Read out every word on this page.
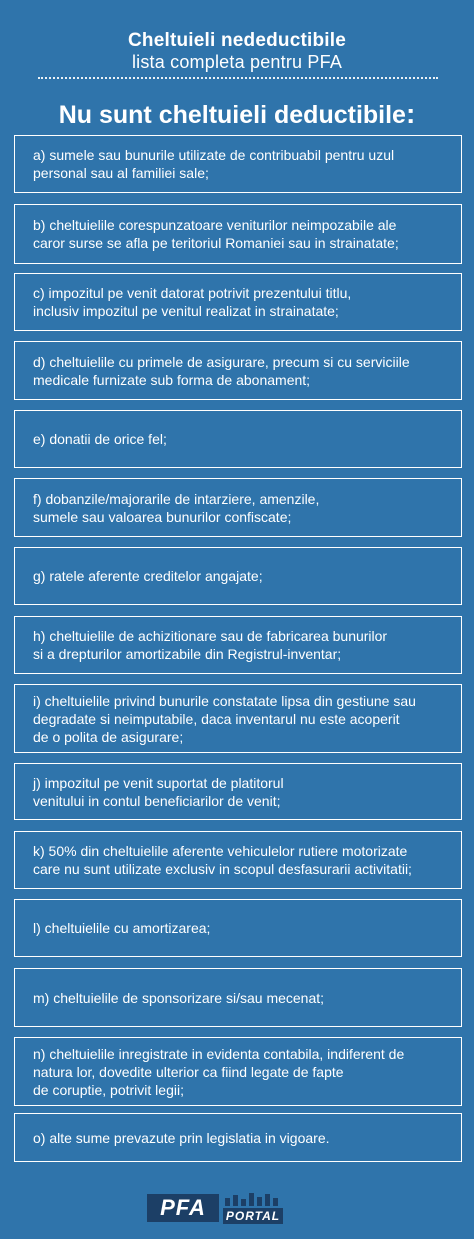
Cheltuieli nedeductibile
lista completa pentru PFA
Nu sunt cheltuieli deductibile:
a) sumele sau bunurile utilizate de contribuabil pentru uzul
personal sau al familiei sale;
b) cheltuielile corespunzatoare veniturilor neimpozabile ale
caror surse se afla pe teritoriul Romaniei sau in strainatate;
c) impozitul pe venit datorat potrivit prezentului titlu,
inclusiv impozitul pe venitul realizat in strainatate;
d) cheltuielile cu primele de asigurare, precum si cu serviciile
medicale furnizate sub forma de abonament;
e) donatii de orice fel;
f) dobanzile/majorarile de intarziere, amenzile,
sumele sau valoarea bunurilor confiscate;
g) ratele aferente creditelor angajate;
h) cheltuielile de achizitionare sau de fabricarea bunurilor
si a drepturilor amortizabile din Registrul-inventar;
i) cheltuielile privind bunurile constatate lipsa din gestiune sau
degradate si neimputabile, daca inventarul nu este acoperit
de o polita de asigurare;
j) impozitul pe venit suportat de platitorul
venitului in contul beneficiarilor de venit;
k) 50% din cheltuielile aferente vehiculelor rutiere motorizate
care nu sunt utilizate exclusiv in scopul desfasurarii activitatii;
l) cheltuielile cu amortizarea;
m) cheltuielile de sponsorizare si/sau mecenat;
n) cheltuielile inregistrate in evidenta contabila, indiferent de
natura lor, dovedite ulterior ca fiind legate de fapte
de coruptie, potrivit legii;
o) alte sume prevazute prin legislatia in vigoare.
PFA	PORTAL
